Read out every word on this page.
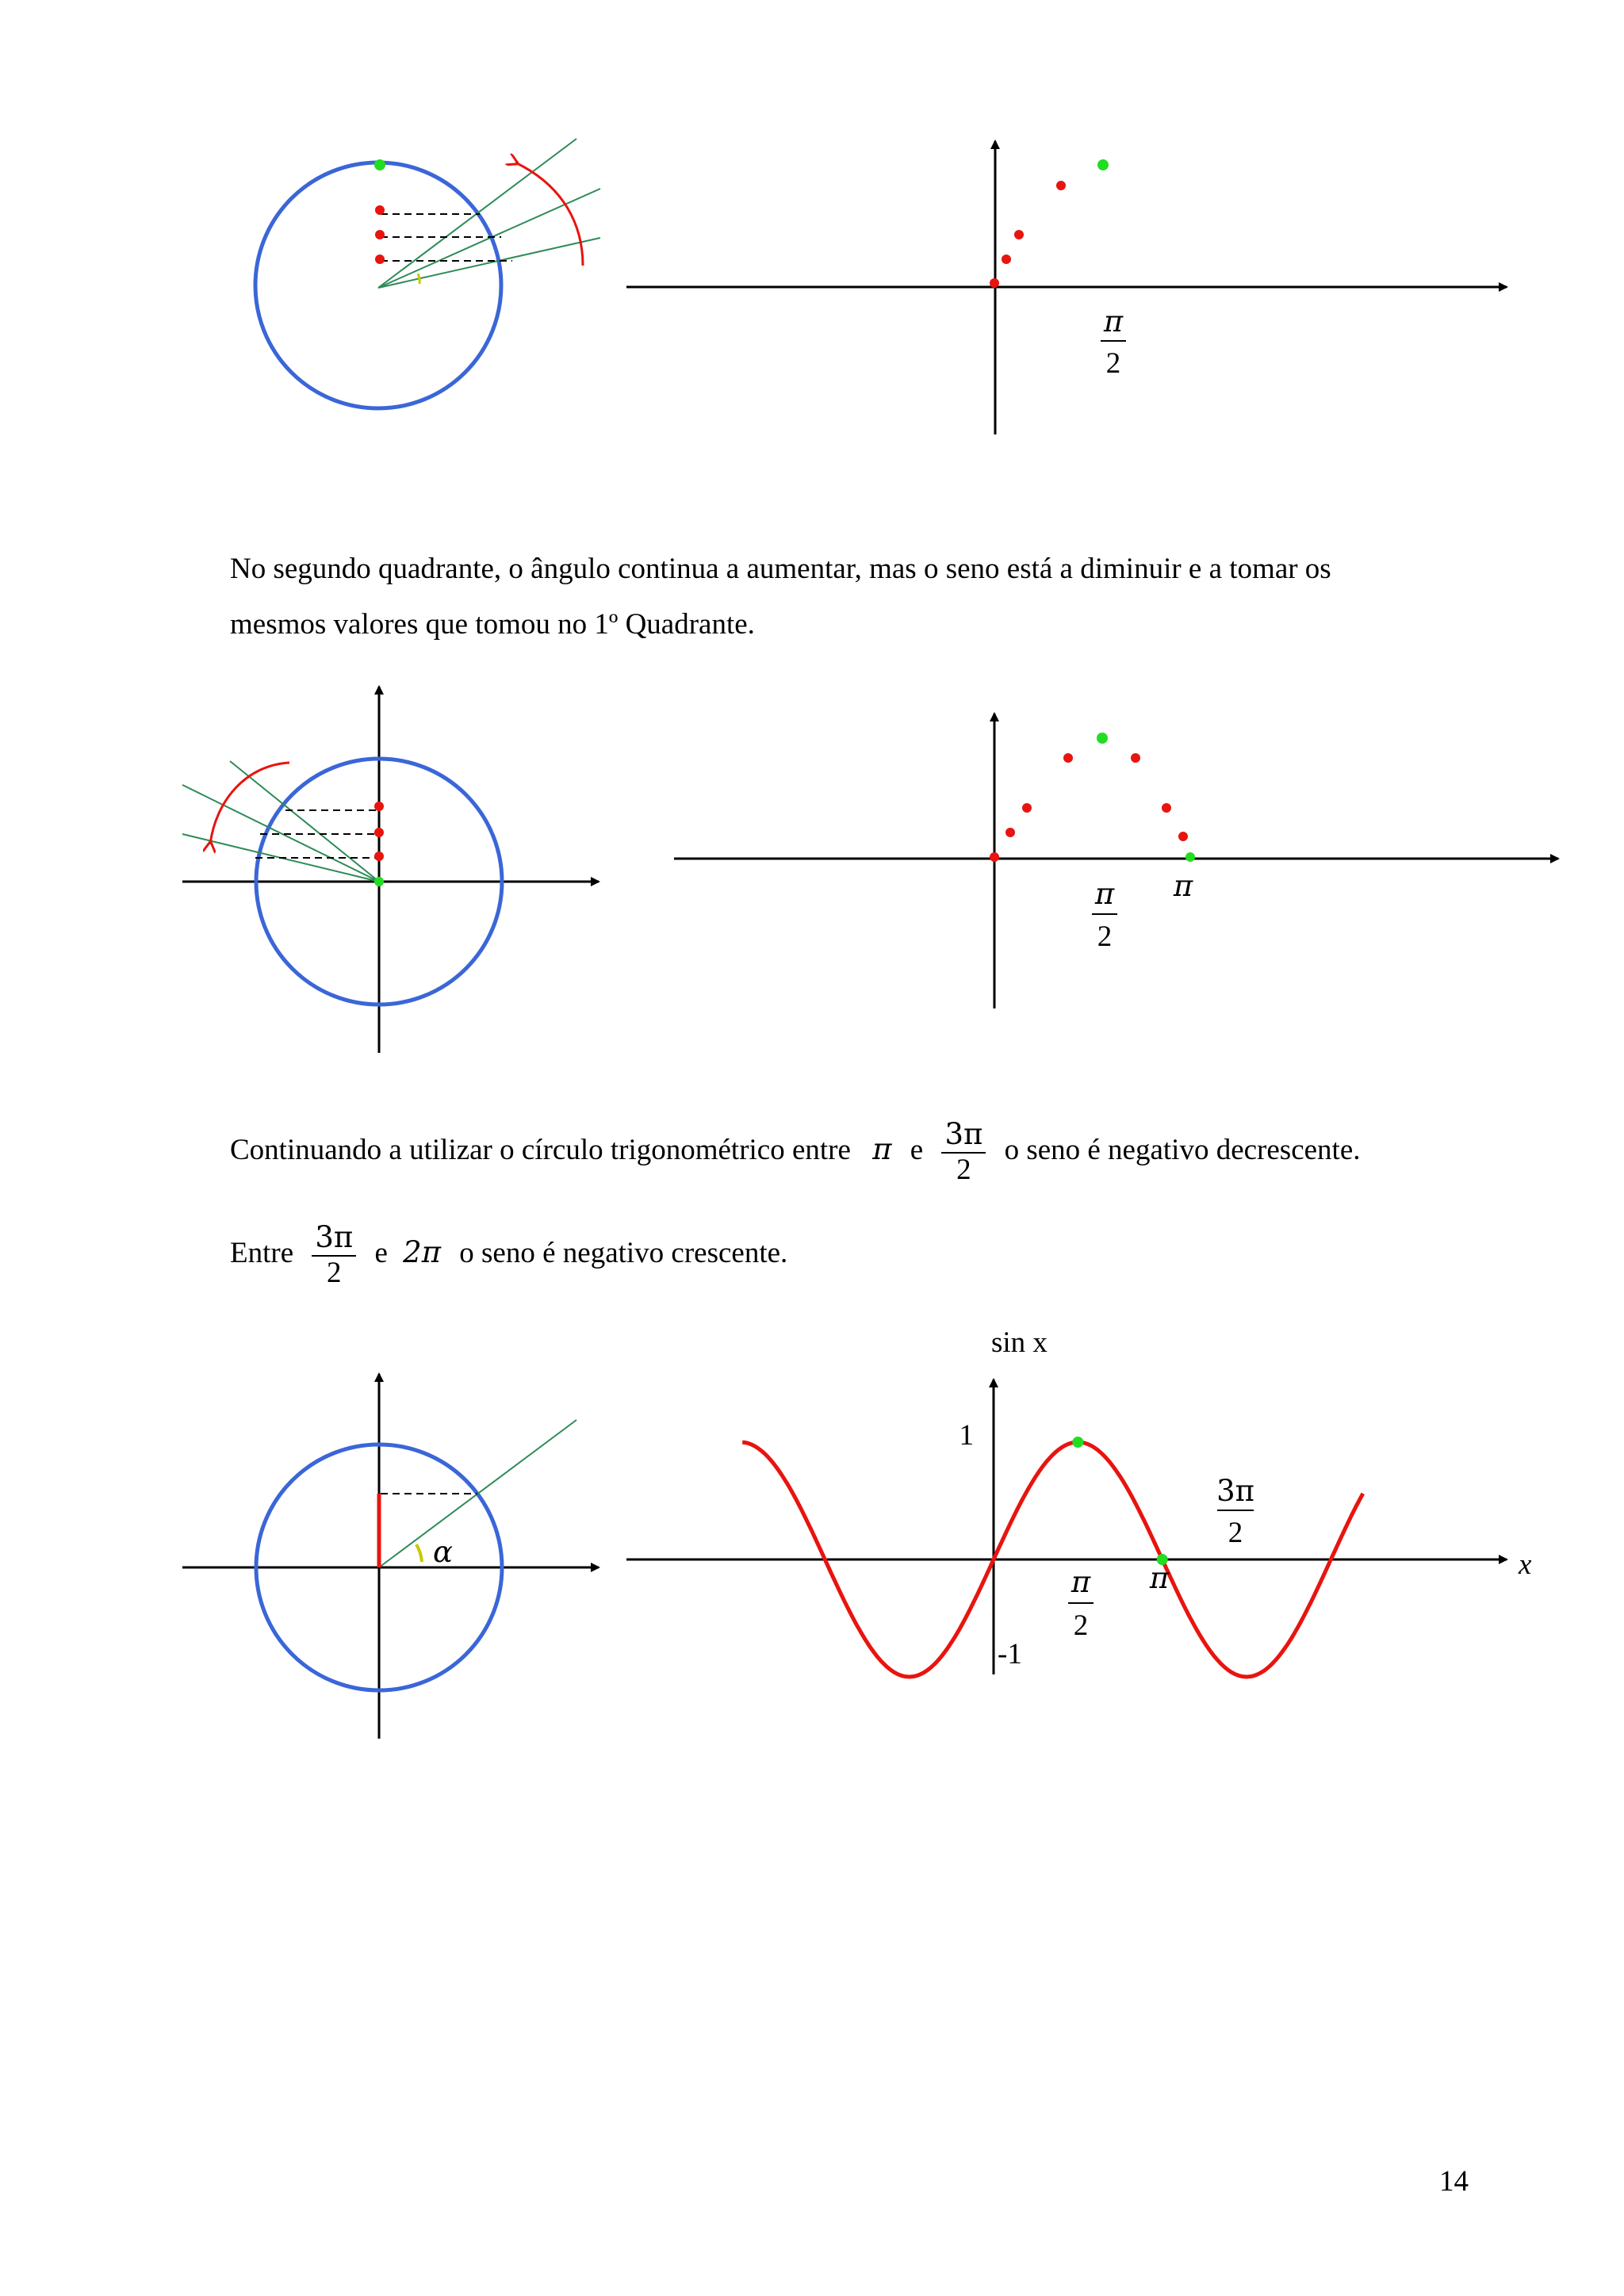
π
2

No segundo quadrante, o ângulo continua a aumentar, mas o seno está a diminuir e a tomar os
mesmos valores que tomou no 1º Quadrante.

π
2
π
Continuando a utilizar o círculo trigonométrico entre π e $\frac{3\pi}{2}$ o seno é negativo decrescente.
Entre $\frac{3\pi}{2}$ e 2π o seno é negativo crescente.
α
sin x
x
1
-1
π
2
π
3π
2
14
